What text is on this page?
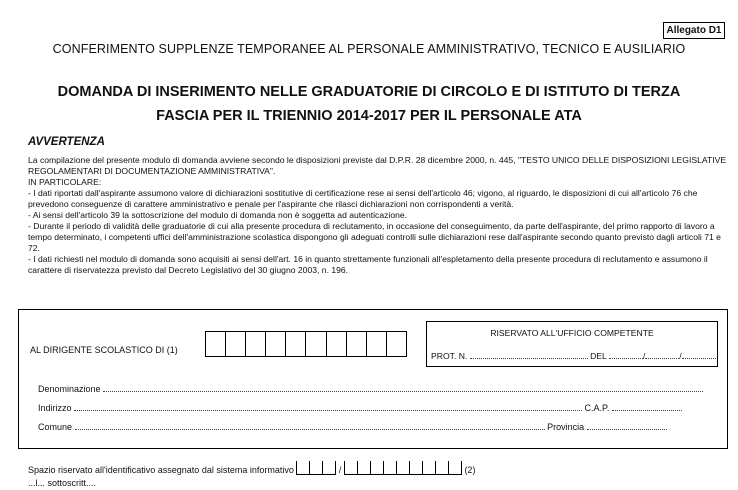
Allegato D1
CONFERIMENTO SUPPLENZE TEMPORANEE AL PERSONALE AMMINISTRATIVO, TECNICO E AUSILIARIO
DOMANDA DI INSERIMENTO NELLE GRADUATORIE DI CIRCOLO E DI ISTITUTO DI TERZA
FASCIA PER IL TRIENNIO 2014-2017 PER IL PERSONALE ATA
AVVERTENZA

La compilazione del presente modulo di domanda avviene secondo le disposizioni previste dal D.P.R. 28 dicembre 2000, n. 445, "TESTO UNICO DELLE DISPOSIZIONI LEGISLATIVE REGOLAMENTARI DI DOCUMENTAZIONE AMMINISTRATIVA".

IN PARTICOLARE:

- I dati riportati dall'aspirante assumono valore di dichiarazioni sostitutive di certificazione rese ai sensi dell'articolo 46; vigono, al riguardo, le disposizioni di cui all'articolo 76 che prevedono conseguenze di carattere amministrativo e penale per l'aspirante che rilasci dichiarazioni non corrispondenti a verità.

- Ai sensi dell'articolo 39 la sottoscrizione del modulo di domanda non è soggetta ad autenticazione.

- Durante il periodo di validità delle graduatorie di cui alla presente procedura di reclutamento, in occasione del conseguimento, da parte dell'aspirante, del primo rapporto di lavoro a tempo determinato, i competenti uffici dell'amministrazione scolastica dispongono gli adeguati controlli sulle dichiarazioni rese dall'aspirante secondo quanto previsto dagli articoli 71 e 72.

- I dati richiesti nel modulo di domanda sono acquisiti ai sensi dell'art. 16 in quanto strettamente funzionali all'espletamento della presente procedura di reclutamento e assumono il carattere di riservatezza previsto dal Decreto Legislativo del 30 giugno 2003, n. 196.

RISERVATO ALL'UFFICIO COMPETENTE
PROT. N.	DEL	/	/
AL DIRIGENTE SCOLASTICO DI (1)
Denominazione
Indirizzo	C.A.P.
Comune	Provincia
Spazio riservato all'identificativo assegnato dal sistema informativo	/	(2)
...l... sottoscritt....
